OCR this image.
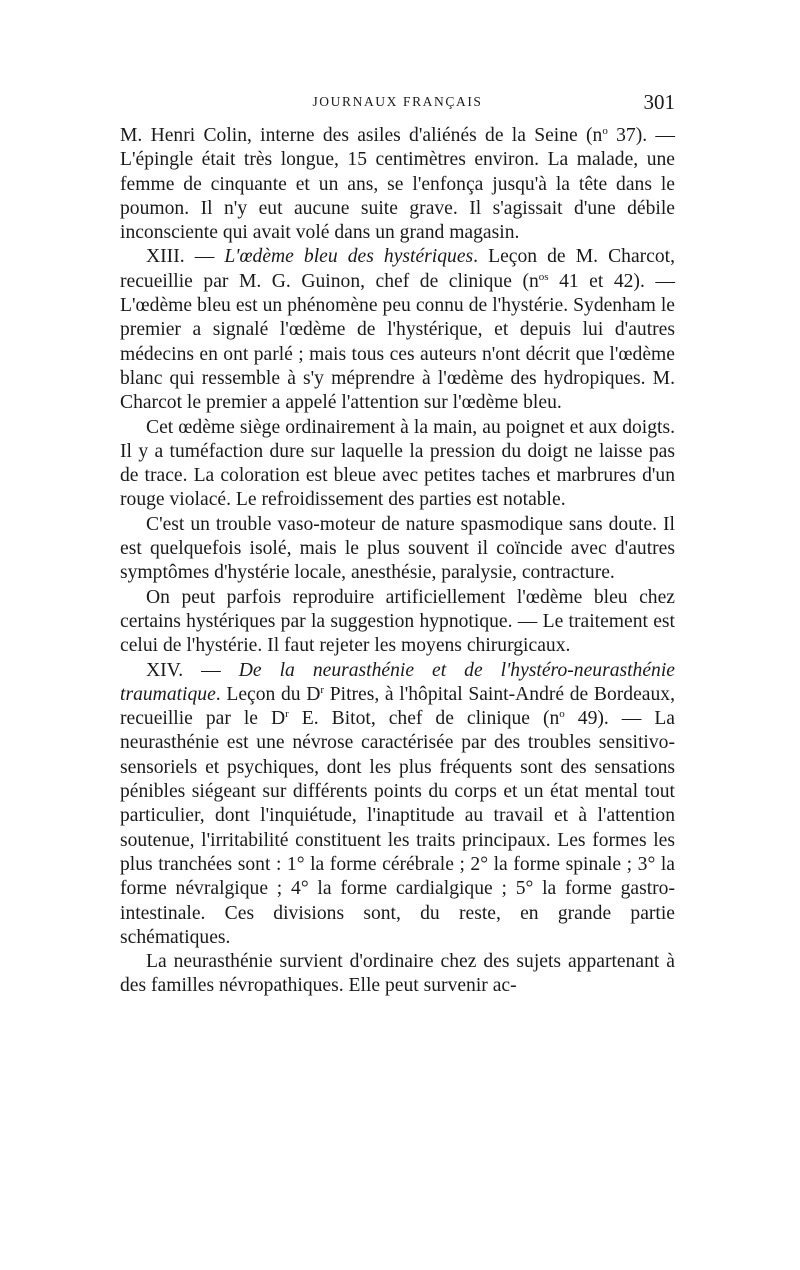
JOURNAUX FRANÇAIS	301

M. Henri Colin, interne des asiles d'aliénés de la Seine ($n^o$ 37). — L'épingle était très longue, 15 centimètres environ. La malade, une femme de cinquante et un ans, se l'enfonça jusqu'à la tête dans le poumon. Il n'y eut aucune suite grave. Il s'agissait d'une débile inconsciente qui avait volé dans un grand magasin.

XIII. — L'œdème bleu des hystériques. Leçon de M. Charcot, recueillie par M. G. Guinon, chef de clinique ($n^{os}$ 41 et 42). — L'œdème bleu est un phénomène peu connu de l'hystérie. Sydenham le premier a signalé l'œdème de l'hystérique, et depuis lui d'autres médecins en ont parlé ; mais tous ces auteurs n'ont décrit que l'œdème blanc qui ressemble à s'y méprendre à l'œdème des hydropiques. M. Charcot le premier a appelé l'attention sur l'œdème bleu.

Cet œdème siège ordinairement à la main, au poignet et aux doigts. Il y a tuméfaction dure sur laquelle la pression du doigt ne laisse pas de trace. La coloration est bleue avec petites taches et marbrures d'un rouge violacé. Le refroidissement des parties est notable.

C'est un trouble vaso-moteur de nature spasmodique sans doute. Il est quelquefois isolé, mais le plus souvent il coïncide avec d'autres symptômes d'hystérie locale, anesthésie, paralysie, contracture.

On peut parfois reproduire artificiellement l'œdème bleu chez certains hystériques par la suggestion hypnotique. — Le traitement est celui de l'hystérie. Il faut rejeter les moyens chirurgicaux.

XIV. — De la neurasthénie et de l'hystéro-neurasthénie traumatique. Leçon du $D^r$ Pitres, à l'hôpital Saint-André de Bordeaux, recueillie par le $D^r$ E. Bitot, chef de clinique ($n^o$ 49). — La neurasthénie est une névrose caractérisée par des troubles sensitivo-sensoriels et psychiques, dont les plus fréquents sont des sensations pénibles siégeant sur différents points du corps et un état mental tout particulier, dont l'inquiétude, l'inaptitude au travail et à l'attention soutenue, l'irritabilité constituent les traits principaux. Les formes les plus tranchées sont : 1° la forme cérébrale ; 2° la forme spinale ; 3° la forme névralgique ; 4° la forme cardialgique ; 5° la forme gastro-intestinale. Ces divisions sont, du reste, en grande partie schématiques.

La neurasthénie survient d'ordinaire chez des sujets appartenant à des familles névropathiques. Elle peut survenir ac-
